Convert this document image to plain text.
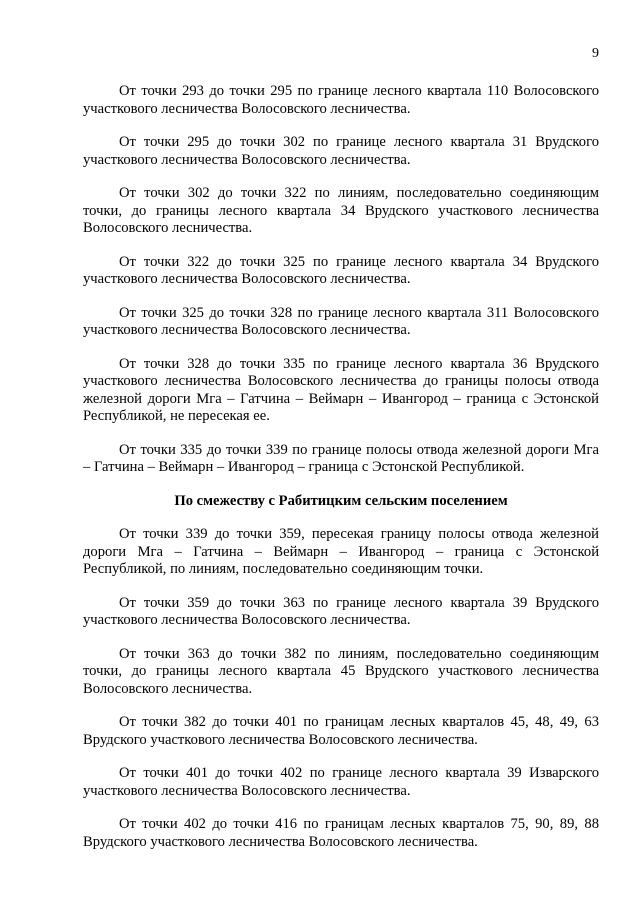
9

От точки 293 до точки 295 по границе лесного квартала 110 Волосовского участкового лесничества Волосовского лесничества.

От точки 295 до точки 302 по границе лесного квартала 31 Врудского участкового лесничества Волосовского лесничества.

От точки 302 до точки 322 по линиям, последовательно соединяющим точки, до границы лесного квартала 34 Врудского участкового лесничества Волосовского лесничества.

От точки 322 до точки 325 по границе лесного квартала 34 Врудского участкового лесничества Волосовского лесничества.

От точки 325 до точки 328 по границе лесного квартала 311 Волосовского участкового лесничества Волосовского лесничества.

От точки 328 до точки 335 по границе лесного квартала 36 Врудского участкового лесничества Волосовского лесничества до границы полосы отвода железной дороги Мга – Гатчина – Веймарн – Ивангород – граница с Эстонской Республикой, не пересекая ее.

От точки 335 до точки 339 по границе полосы отвода железной дороги Мга – Гатчина – Веймарн – Ивангород – граница с Эстонской Республикой.

По смежеству с Рабитицким сельским поселением

От точки 339 до точки 359, пересекая границу полосы отвода железной дороги Мга – Гатчина – Веймарн – Ивангород – граница с Эстонской Республикой, по линиям, последовательно соединяющим точки.

От точки 359 до точки 363 по границе лесного квартала 39 Врудского участкового лесничества Волосовского лесничества.

От точки 363 до точки 382 по линиям, последовательно соединяющим точки, до границы лесного квартала 45 Врудского участкового лесничества Волосовского лесничества.

От точки 382 до точки 401 по границам лесных кварталов 45, 48, 49, 63 Врудского участкового лесничества Волосовского лесничества.

От точки 401 до точки 402 по границе лесного квартала 39 Изварского участкового лесничества Волосовского лесничества.

От точки 402 до точки 416 по границам лесных кварталов 75, 90, 89, 88 Врудского участкового лесничества Волосовского лесничества.
